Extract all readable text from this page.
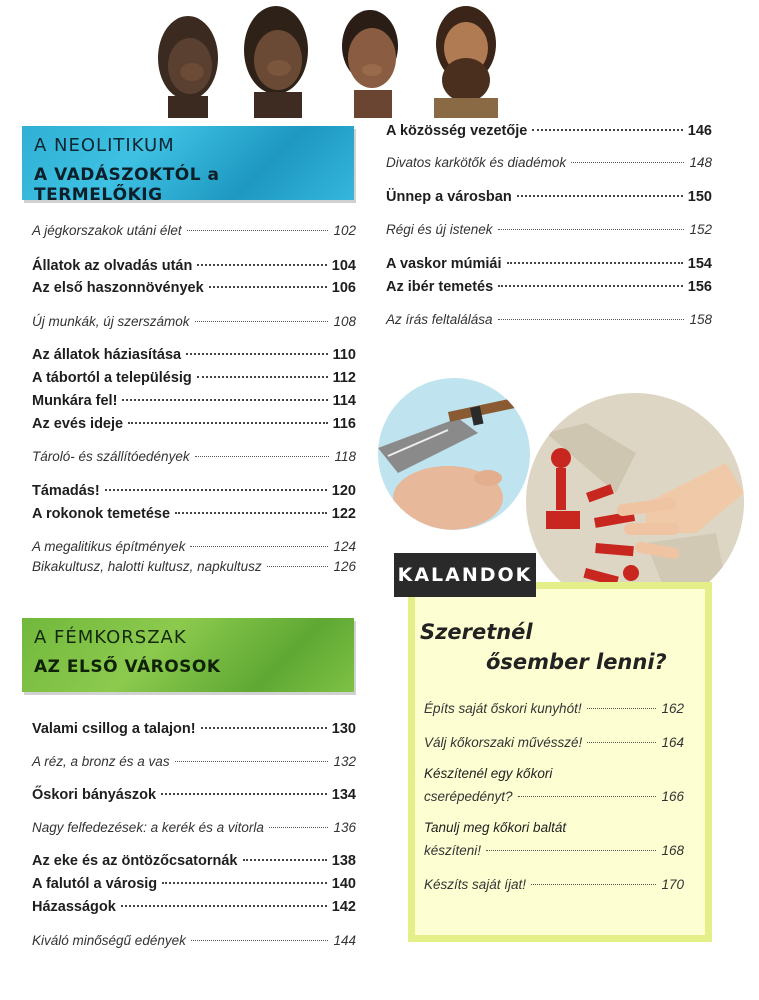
A NEOLITIKUM
A VADÁSZOKTÓL a TERMELŐKIG
A jégkorszakok utáni élet	102
Állatok az olvadás után	104
Az első haszonnövények	106
Új munkák, új szerszámok	108
Az állatok háziasítása	110
A tábortól a településig	112
Munkára fel!	114
Az evés ideje	116
Tároló- és szállítóedények	118
Támadás!	120
A rokonok temetése	122
A megalitikus építmények	124
Bikakultusz, halotti kultusz, napkultusz	126
A FÉMKORSZAK
AZ ELSŐ VÁROSOK
Valami csillog a talajon!	130
A réz, a bronz és a vas	132
Őskori bányászok	134
Nagy felfedezések: a kerék és a vitorla	136
Az eke és az öntözőcsatornák	138
A falutól a városig	140
Házasságok	142
Kiváló minőségű edények	144
A közösség vezetője	146
Divatos karkötők és diadémok	148
Ünnep a városban	150
Régi és új istenek	152
A vaskor múmiái	154
Az ibér temetés	156
Az írás feltalálása	158
KALANDOK
Szeretnél
ősember lenni?
Építs saját őskori kunyhót!	162
Válj kőkorszaki művésszé!	164
Készítenél egy kőkori
cserépedényt?	166
Tanulj meg kőkori baltát
készíteni!	168
Készíts saját íjat!	170
